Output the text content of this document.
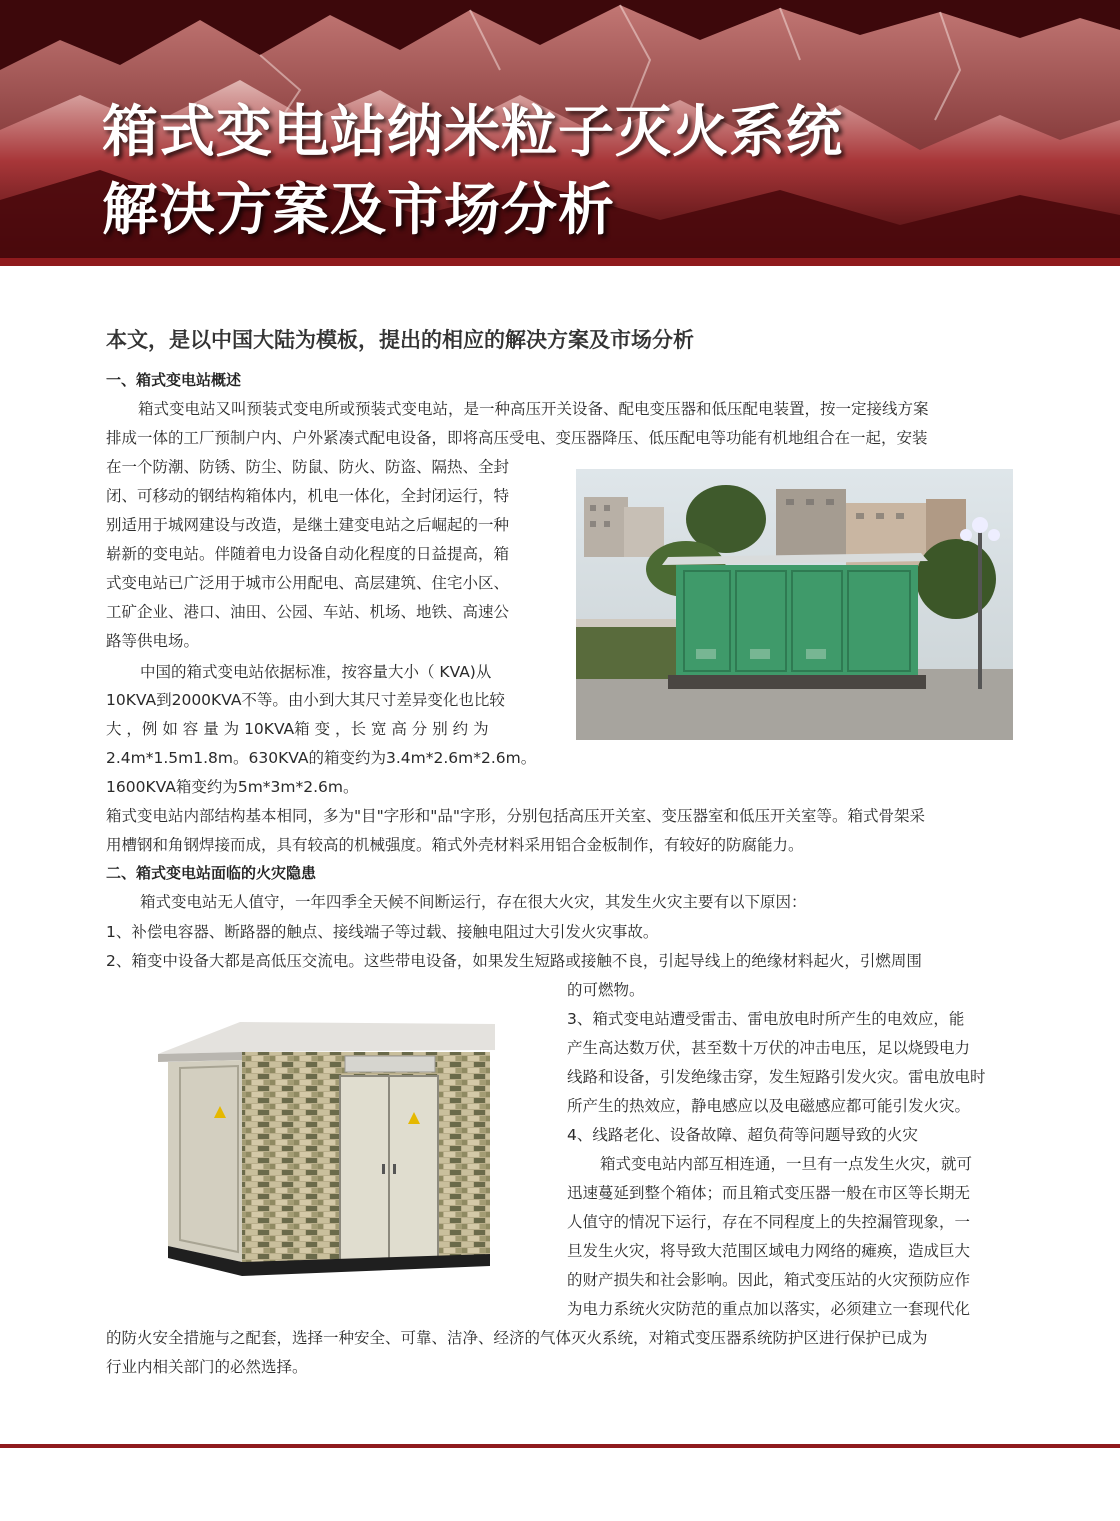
箱式变电站纳米粒子灭火系统
解决方案及市场分析
本文，是以中国大陆为模板，提出的相应的解决方案及市场分析
一、箱式变电站概述
箱式变电站又叫预装式变电所或预装式变电站，是一种高压开关设备、配电变压器和低压配电装置，按一定接线方案
排成一体的工厂预制户内、户外紧凑式配电设备，即将高压受电、变压器降压、低压配电等功能有机地组合在一起，安装
在一个防潮、防锈、防尘、防鼠、防火、防盗、隔热、全封
闭、可移动的钢结构箱体内，机电一体化，全封闭运行，特
别适用于城网建设与改造，是继土建变电站之后崛起的一种
崭新的变电站。伴随着电力设备自动化程度的日益提高，箱
式变电站已广泛用于城市公用配电、高层建筑、住宅小区、
工矿企业、港口、油田、公园、车站、机场、地铁、高速公
路等供电场。
中国的箱式变电站依据标准，按容量大小（ KVA)从
10KVA到2000KVA不等。由小到大其尺寸差异变化也比较
大 ，例 如 容 量 为 10KVA箱 变 ，长 宽 高 分 别 约 为
2.4m*1.5m1.8m。630KVA的箱变约为3.4m*2.6m*2.6m。
1600KVA箱变约为5m*3m*2.6m。
箱式变电站内部结构基本相同，多为"目"字形和"品"字形，分别包括高压开关室、变压器室和低压开关室等。箱式骨架采
用槽钢和角钢焊接而成，具有较高的机械强度。箱式外壳材料采用铝合金板制作，有较好的防腐能力。
二、箱式变电站面临的火灾隐患
箱式变电站无人值守，一年四季全天候不间断运行，存在很大火灾，其发生火灾主要有以下原因：
1、补偿电容器、断路器的触点、接线端子等过载、接触电阻过大引发火灾事故。
2、箱变中设备大都是高低压交流电。这些带电设备，如果发生短路或接触不良，引起导线上的绝缘材料起火，引燃周围
的可燃物。
3、箱式变电站遭受雷击、雷电放电时所产生的电效应，能
产生高达数万伏，甚至数十万伏的冲击电压，足以烧毁电力
线路和设备，引发绝缘击穿，发生短路引发火灾。雷电放电时
所产生的热效应，静电感应以及电磁感应都可能引发火灾。
4、线路老化、设备故障、超负荷等问题导致的火灾
箱式变电站内部互相连通，一旦有一点发生火灾，就可
迅速蔓延到整个箱体；而且箱式变压器一般在市区等长期无
人值守的情况下运行，存在不同程度上的失控漏管现象，一
旦发生火灾，将导致大范围区域电力网络的瘫痪，造成巨大
的财产损失和社会影响。因此，箱式变压站的火灾预防应作
为电力系统火灾防范的重点加以落实，必须建立一套现代化
的防火安全措施与之配套，选择一种安全、可靠、洁净、经济的气体灭火系统，对箱式变压器系统防护区进行保护已成为
行业内相关部门的必然选择。
